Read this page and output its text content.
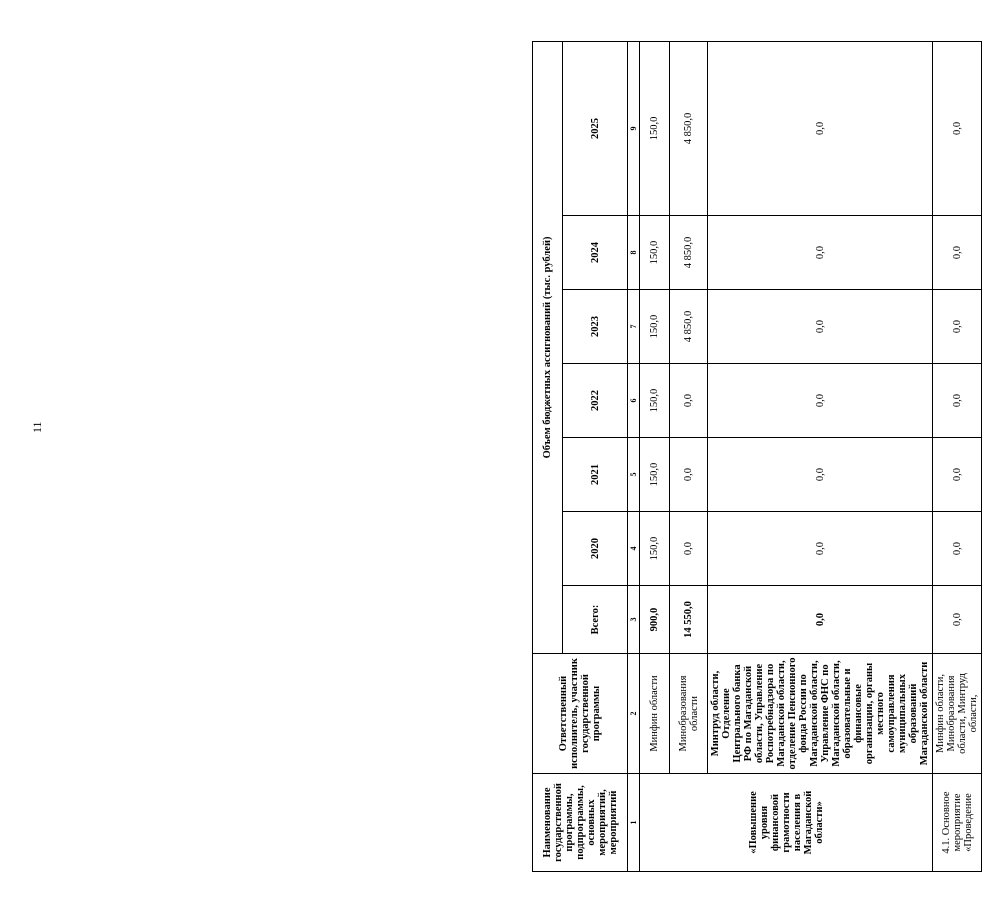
11
Наименование государственной программы, подпрограммы, основных мероприятий, мероприятий	Ответственный исполнитель, участник государственной программы	Объем бюджетных ассигнований (тыс. рублей)						
		Всего:	2020	2021	2022	2023	2024	2025
1	2	3	4	5	6	7	8	9
«Повышение уровня финансовой грамотности населения в Магаданской области»	Минфин области	900,0	150,0	150,0	150,0	150,0	150,0	150,0
	Минобразования области	14 550,0	0,0	0,0	0,0	4 850,0	4 850,0	4 850,0
	Минтруд области, Отделение Центрального банка РФ по Магаданской области, Управление Роспотребнадзора по Магаданской области, отделение Пенсионного фонда России по Магаданской области, Управление ФНС по Магаданской области, образовательные и финансовые организации, органы местного самоуправления муниципальных образований Магаданской области	0,0	0,0	0,0	0,0	0,0	0,0	0,0
4.1. Основное мероприятие «Проведение	Минфин области, Минобразования области, Минтруд области,	0,0	0,0	0,0	0,0	0,0	0,0	0,0
